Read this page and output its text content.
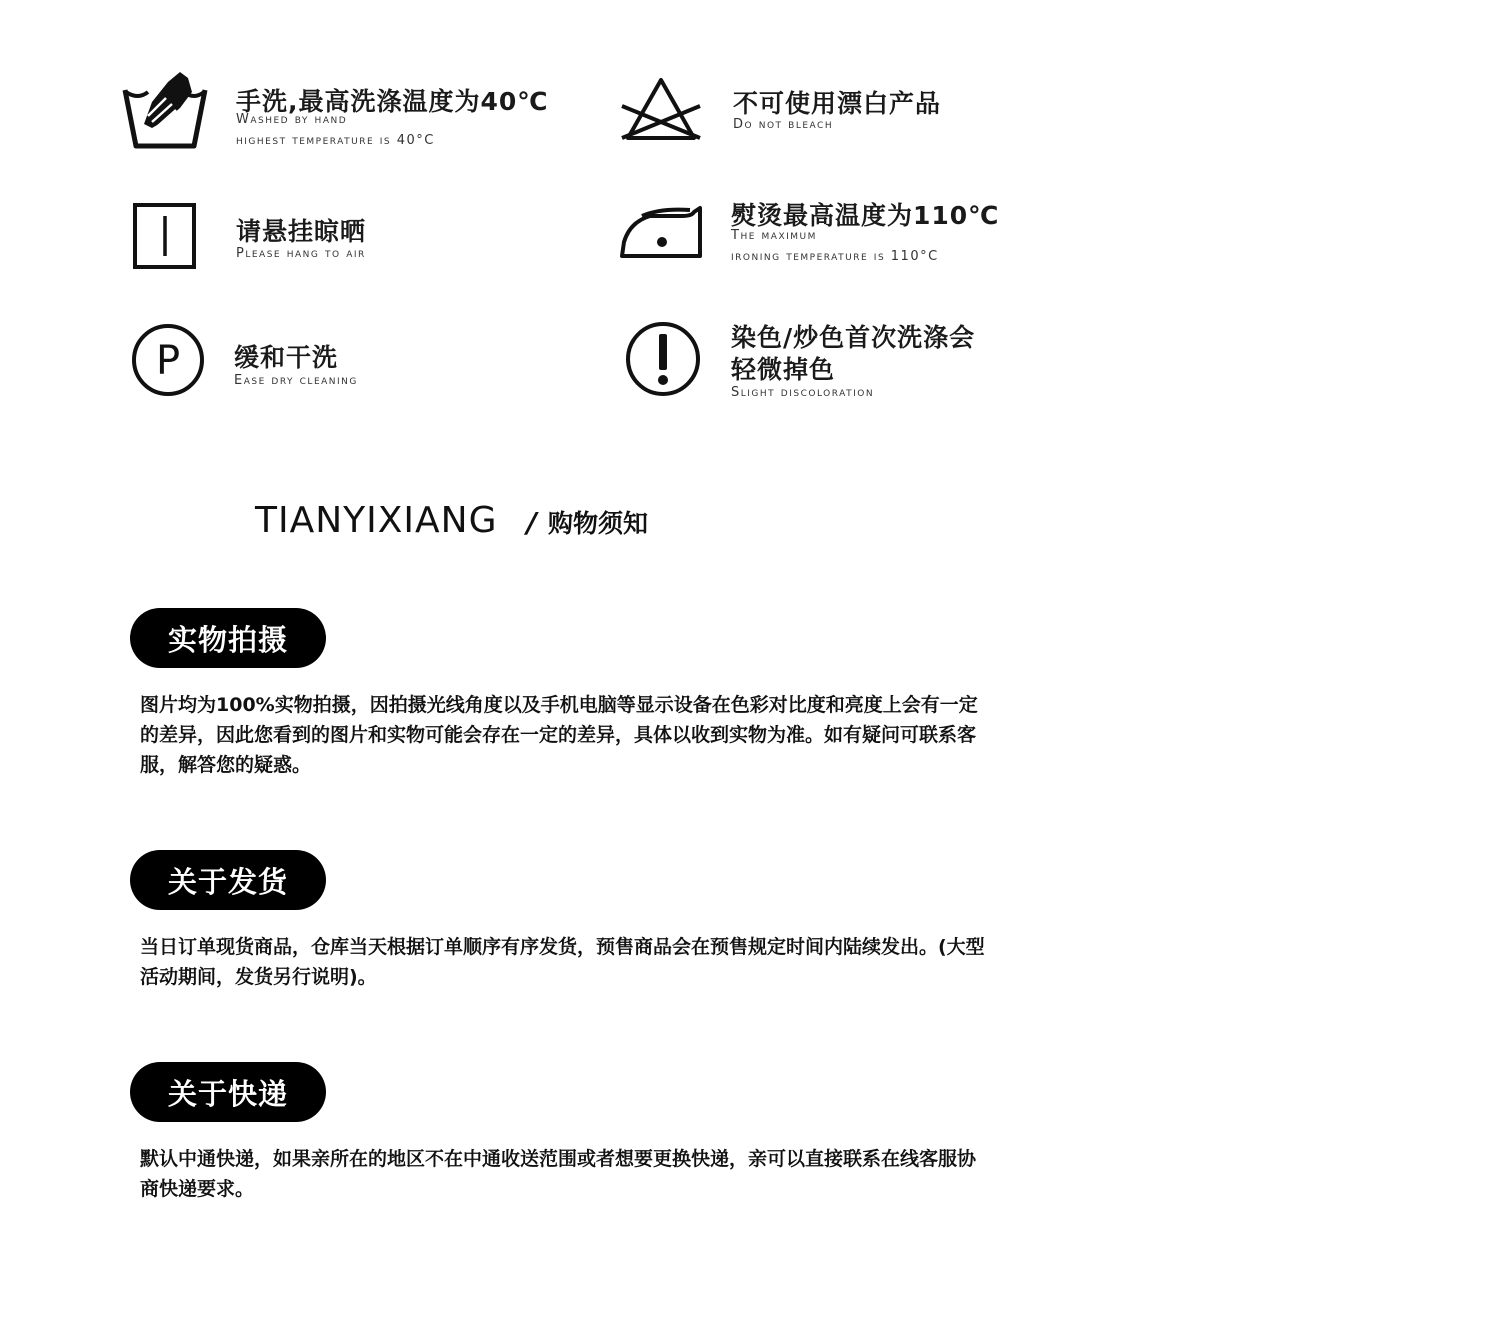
手洗,最高洗涤温度为40℃
Washed by hand
highest temperature is 40°C
不可使用漂白产品
Do not bleach
请悬挂晾晒
Please hang to air
熨烫最高温度为110℃
The maximum
ironing temperature is 110°C
P 缓和干洗
Ease dry cleaning
染色/炒色首次洗涤会
轻微掉色
Slight discoloration
TIANYIXIANG / 购物须知
实物拍摄
图片均为100%实物拍摄，因拍摄光线角度以及手机电脑等显示设备在色彩对比度和亮度上会有一定
的差异，因此您看到的图片和实物可能会存在一定的差异，具体以收到实物为准。如有疑问可联系客
服，解答您的疑惑。
关于发货
当日订单现货商品，仓库当天根据订单顺序有序发货，预售商品会在预售规定时间内陆续发出。(大型
活动期间，发货另行说明)。
关于快递
默认中通快递，如果亲所在的地区不在中通收送范围或者想要更换快递，亲可以直接联系在线客服协
商快递要求。
